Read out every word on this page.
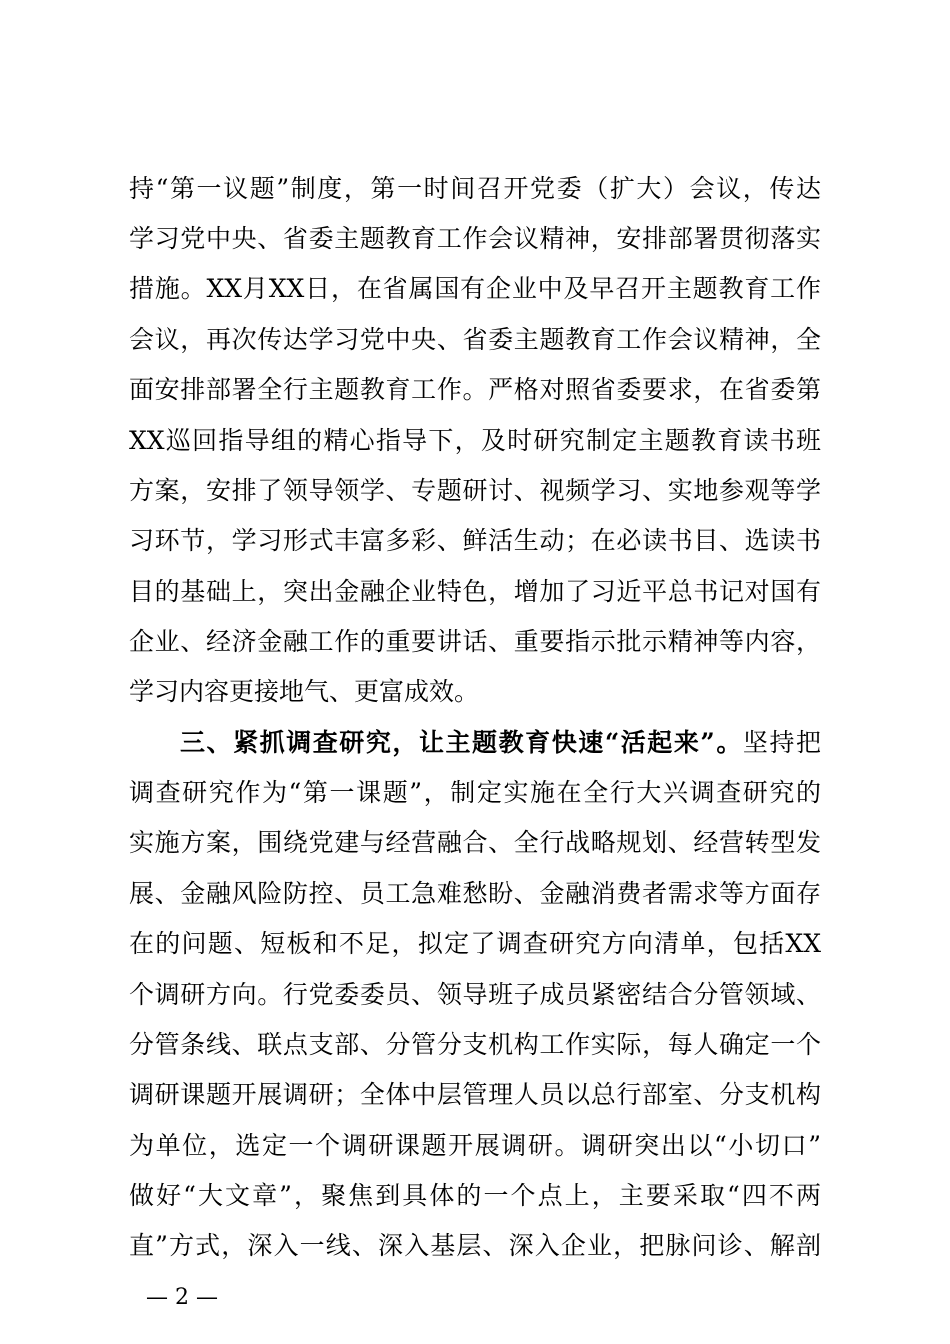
持“第一议题”制度，第一时间召开党委（扩大）会议，传达
学习党中央、省委主题教育工作会议精神，安排部署贯彻落实
措施。XX月XX日，在省属国有企业中及早召开主题教育工作
会议，再次传达学习党中央、省委主题教育工作会议精神，全
面安排部署全行主题教育工作。严格对照省委要求，在省委第
XX巡回指导组的精心指导下，及时研究制定主题教育读书班
方案，安排了领导领学、专题研讨、视频学习、实地参观等学
习环节，学习形式丰富多彩、鲜活生动；在必读书目、选读书
目的基础上，突出金融企业特色，增加了习近平总书记对国有
企业、经济金融工作的重要讲话、重要指示批示精神等内容，
学习内容更接地气、更富成效。
三、紧抓调查研究，让主题教育快速“活起来”。坚持把
调查研究作为“第一课题”，制定实施在全行大兴调查研究的
实施方案，围绕党建与经营融合、全行战略规划、经营转型发
展、金融风险防控、员工急难愁盼、金融消费者需求等方面存
在的问题、短板和不足，拟定了调查研究方向清单，包括XX
个调研方向。行党委委员、领导班子成员紧密结合分管领域、
分管条线、联点支部、分管分支机构工作实际，每人确定一个
调研课题开展调研；全体中层管理人员以总行部室、分支机构
为单位，选定一个调研课题开展调研。调研突出以“小切口”
做好“大文章”，聚焦到具体的一个点上，主要采取“四不两
直”方式，深入一线、深入基层、深入企业，把脉问诊、解剖
— 2 —
